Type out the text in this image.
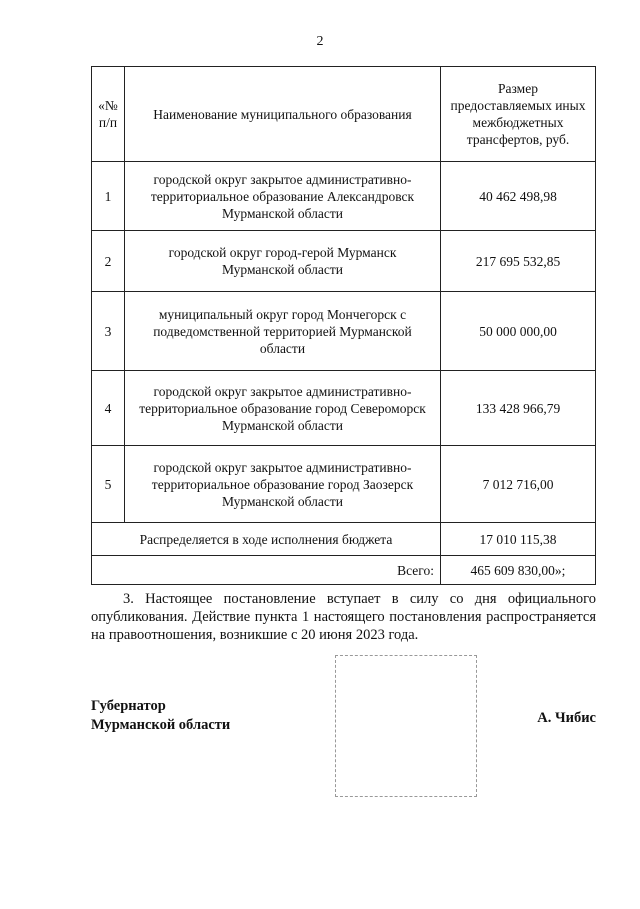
2
«№ п/п	Наименование муниципального образования	Размер предоставляемых иных межбюджетных трансфертов, руб.
1	городской округ закрытое административно-территориальное образование Александровск Мурманской области	40 462 498,98
2	городской округ город-герой Мурманск Мурманской области	217 695 532,85
3	муниципальный округ город Мончегорск с подведомственной территорией Мурманской области	50 000 000,00
4	городской округ закрытое административно-территориальное образование город Североморск Мурманской области	133 428 966,79
5	городской округ закрытое административно-территориальное образование город Заозерск Мурманской области	7 012 716,00
Распределяется в ходе исполнения бюджета		17 010 115,38
Всего:		465 609 830,00»;
3. Настоящее постановление вступает в силу со дня официального опубликования. Действие пункта 1 настоящего постановления распространяется на правоотношения, возникшие с 20 июня 2023 года.
Губернатор
Мурманской области	А. Чибис
